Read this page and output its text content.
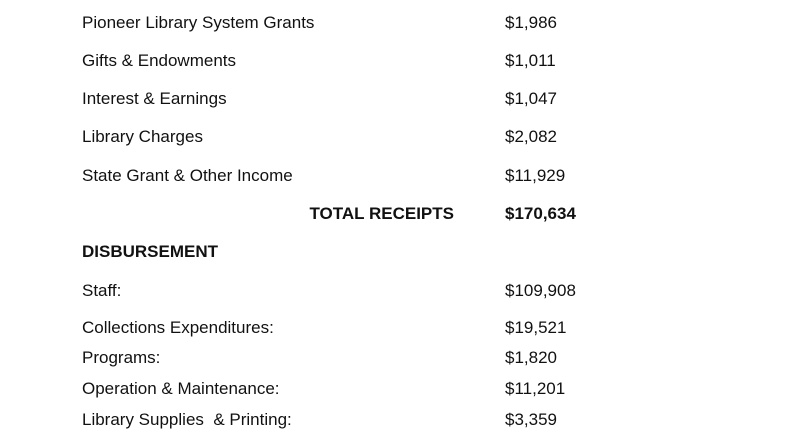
Pioneer Library System Grants	$1,986
Gifts & Endowments	$1,011
Interest & Earnings	$1,047
Library Charges	$2,082
State Grant & Other Income	$11,929
TOTAL RECEIPTS	$170,634
DISBURSEMENT
Staff:	$109,908
Collections Expenditures:	$19,521
Programs:	$1,820
Operation & Maintenance:	$11,201
Library Supplies  & Printing:	$3,359
